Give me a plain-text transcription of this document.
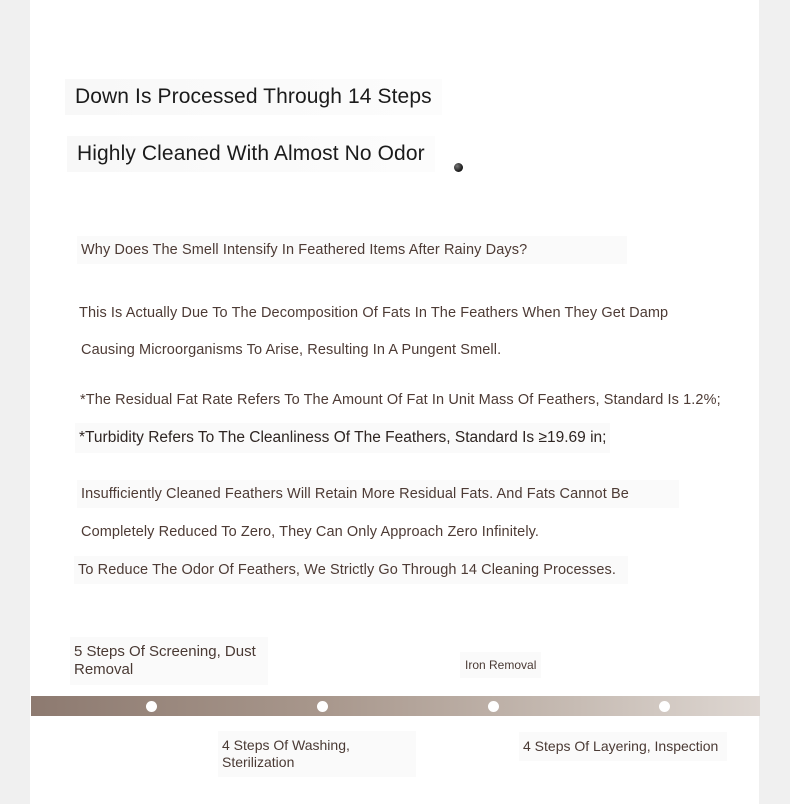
Down Is Processed Through 14 Steps

Highly Cleaned With Almost No Odor

Why Does The Smell Intensify In Feathered Items After Rainy Days?

This Is Actually Due To The Decomposition Of Fats In The Feathers When They Get Damp

Causing Microorganisms To Arise, Resulting In A Pungent Smell.

*The Residual Fat Rate Refers To The Amount Of Fat In Unit Mass Of Feathers, Standard Is 1.2%;

*Turbidity Refers To The Cleanliness Of The Feathers, Standard Is ≥19.69 in;

Insufficiently Cleaned Feathers Will Retain More Residual Fats. And Fats Cannot Be

Completely Reduced To Zero, They Can Only Approach Zero Infinitely.

To Reduce The Odor Of Feathers, We Strictly Go Through 14 Cleaning Processes.

5 Steps Of Screening, Dust Removal	Iron Removal

4 Steps Of Washing, Sterilization

4 Steps Of Layering, Inspection
